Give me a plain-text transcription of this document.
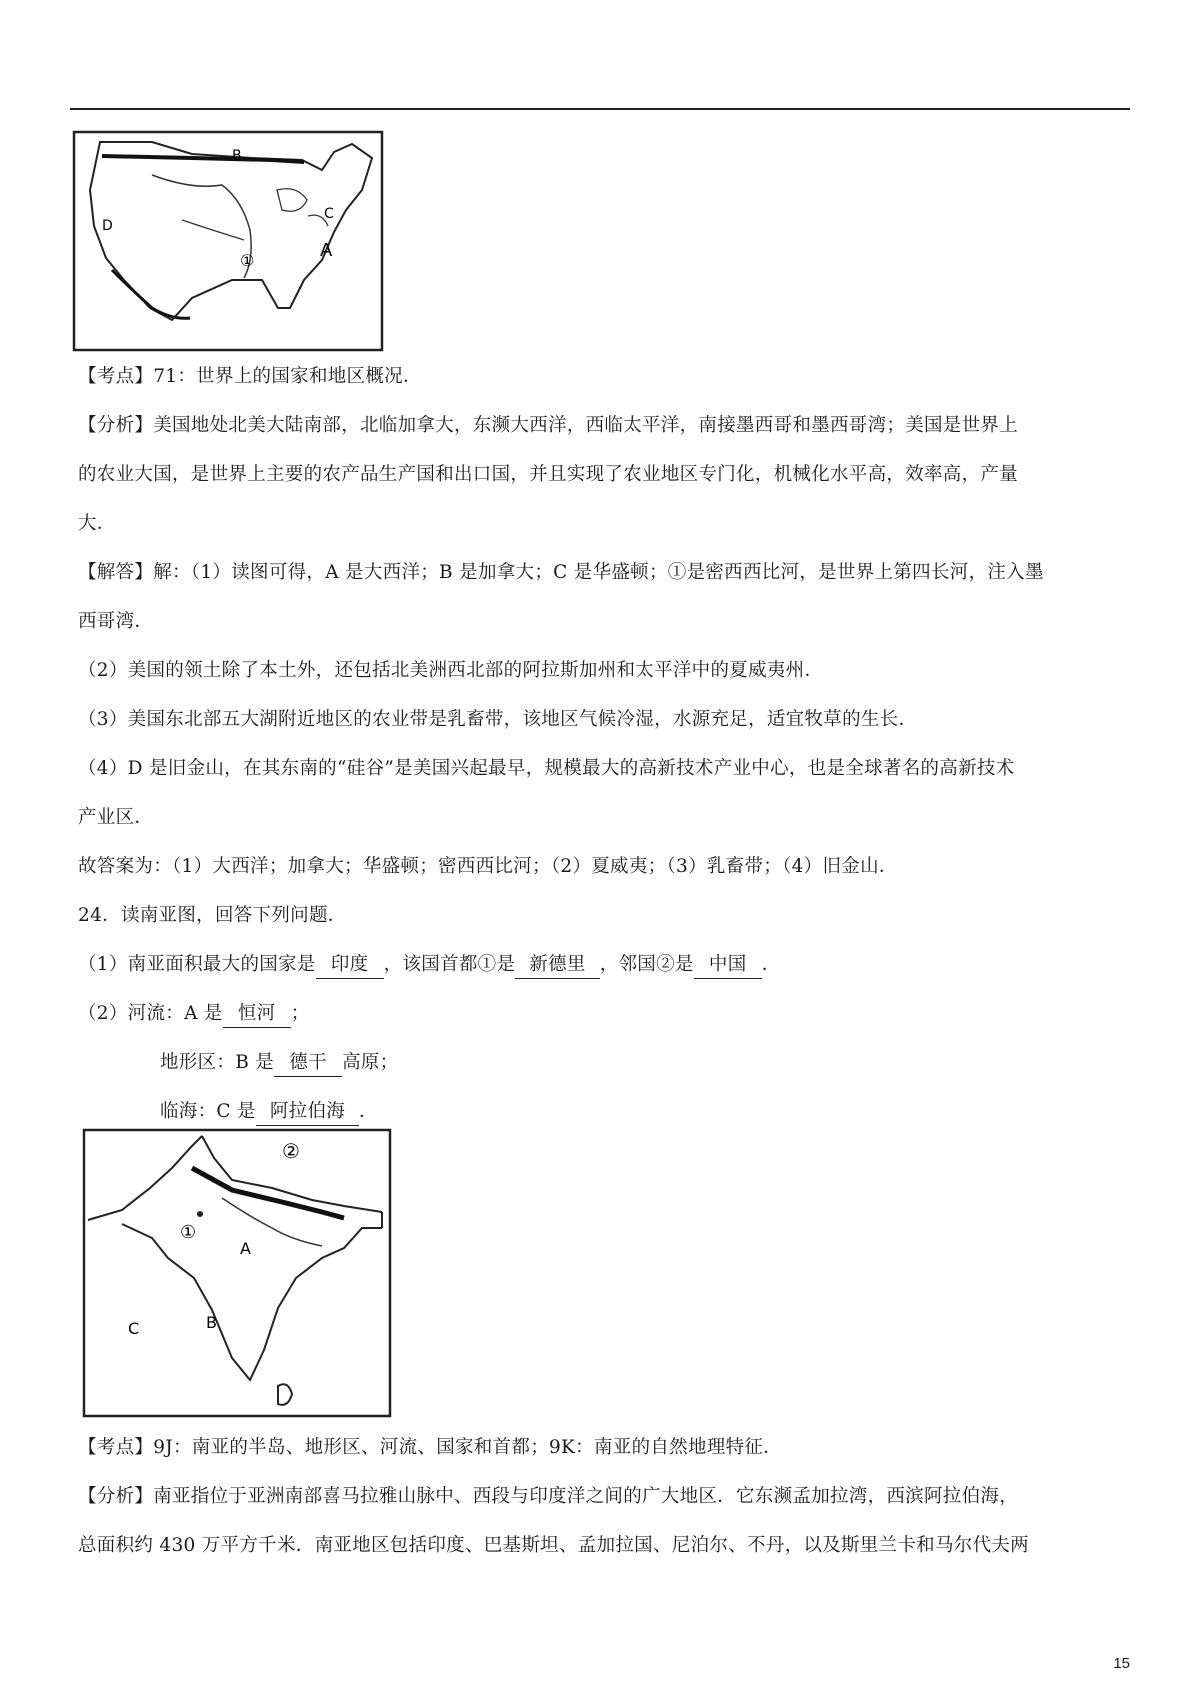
B
C
D
A
①
【考点】71：世界上的国家和地区概况．
【分析】美国地处北美大陆南部，北临加拿大，东濒大西洋，西临太平洋，南接墨西哥和墨西哥湾；美国是世界上
的农业大国，是世界上主要的农产品生产国和出口国，并且实现了农业地区专门化，机械化水平高，效率高，产量
大．
【解答】解：（1）读图可得，A 是大西洋；B 是加拿大；C 是华盛顿；①是密西西比河，是世界上第四长河，注入墨
西哥湾．
（2）美国的领土除了本土外，还包括北美洲西北部的阿拉斯加州和太平洋中的夏威夷州．
（3）美国东北部五大湖附近地区的农业带是乳畜带，该地区气候冷湿，水源充足，适宜牧草的生长．
（4）D 是旧金山，在其东南的“硅谷”是美国兴起最早，规模最大的高新技术产业中心，也是全球著名的高新技术
产业区．
故答案为：（1）大西洋；加拿大；华盛顿；密西西比河；（2）夏威夷；（3）乳畜带；（4）旧金山．
24．读南亚图，回答下列问题．
（1）南亚面积最大的国家是 印度 ，该国首都①是 新德里 ，邻国②是 中国 ．
（2）河流：A 是 恒河 ；
地形区：B 是 德干 高原；
临海：C 是 阿拉伯海 ．
①
②
A
B
C
【考点】9J：南亚的半岛、地形区、河流、国家和首都；9K：南亚的自然地理特征．
【分析】南亚指位于亚洲南部喜马拉雅山脉中、西段与印度洋之间的广大地区．它东濒孟加拉湾，西滨阿拉伯海，
总面积约 430 万平方千米．南亚地区包括印度、巴基斯坦、孟加拉国、尼泊尔、不丹，以及斯里兰卡和马尔代夫两
15
